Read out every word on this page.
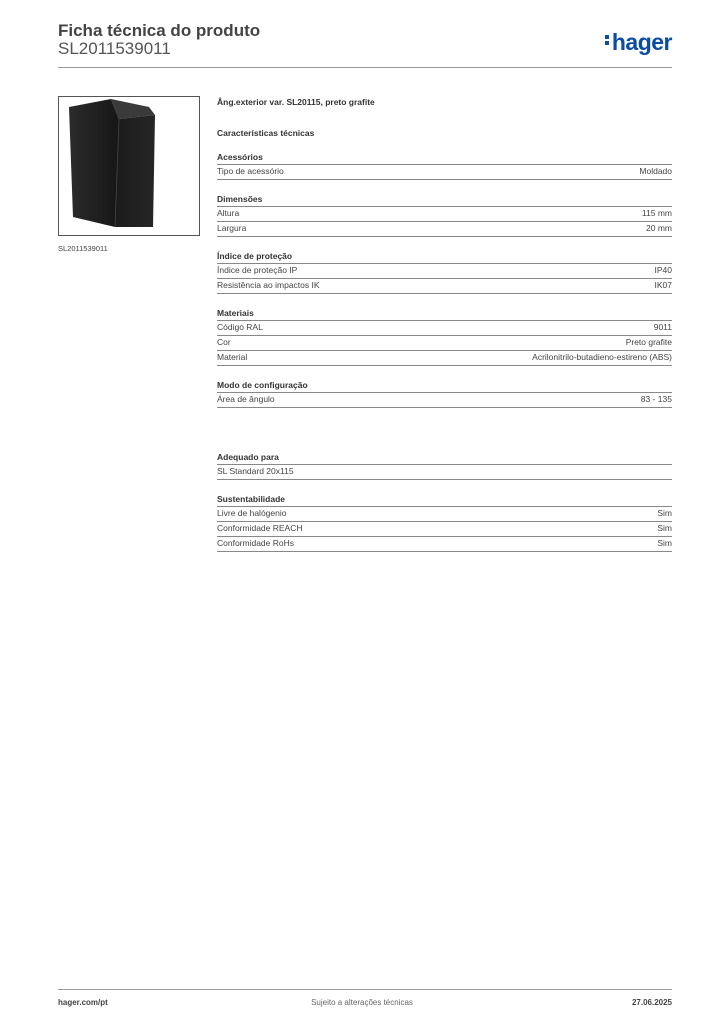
Ficha técnica do produto
SL2011539011	hager
SL2011539011
Âng.exterior var. SL20115, preto grafite
Características técnicas
Acessórios
Tipo de acessório	Moldado
Dimensões
Altura	115 mm
Largura	20 mm
Índice de proteção
Índice de proteção IP	IP40
Resistência ao impactos IK	IK07
Materiais
Código RAL	9011
Cor	Preto grafite
Material	Acrilonitrilo-butadieno-estireno (ABS)
Modo de configuração
Área de ângulo	83 - 135
Adequado para
SL Standard 20x115
Sustentabilidade
Livre de halógenio	Sim
Conformidade REACH	Sim
Conformidade RoHs	Sim
hager.com/pt	Sujeito a alterações técnicas	27.06.2025
